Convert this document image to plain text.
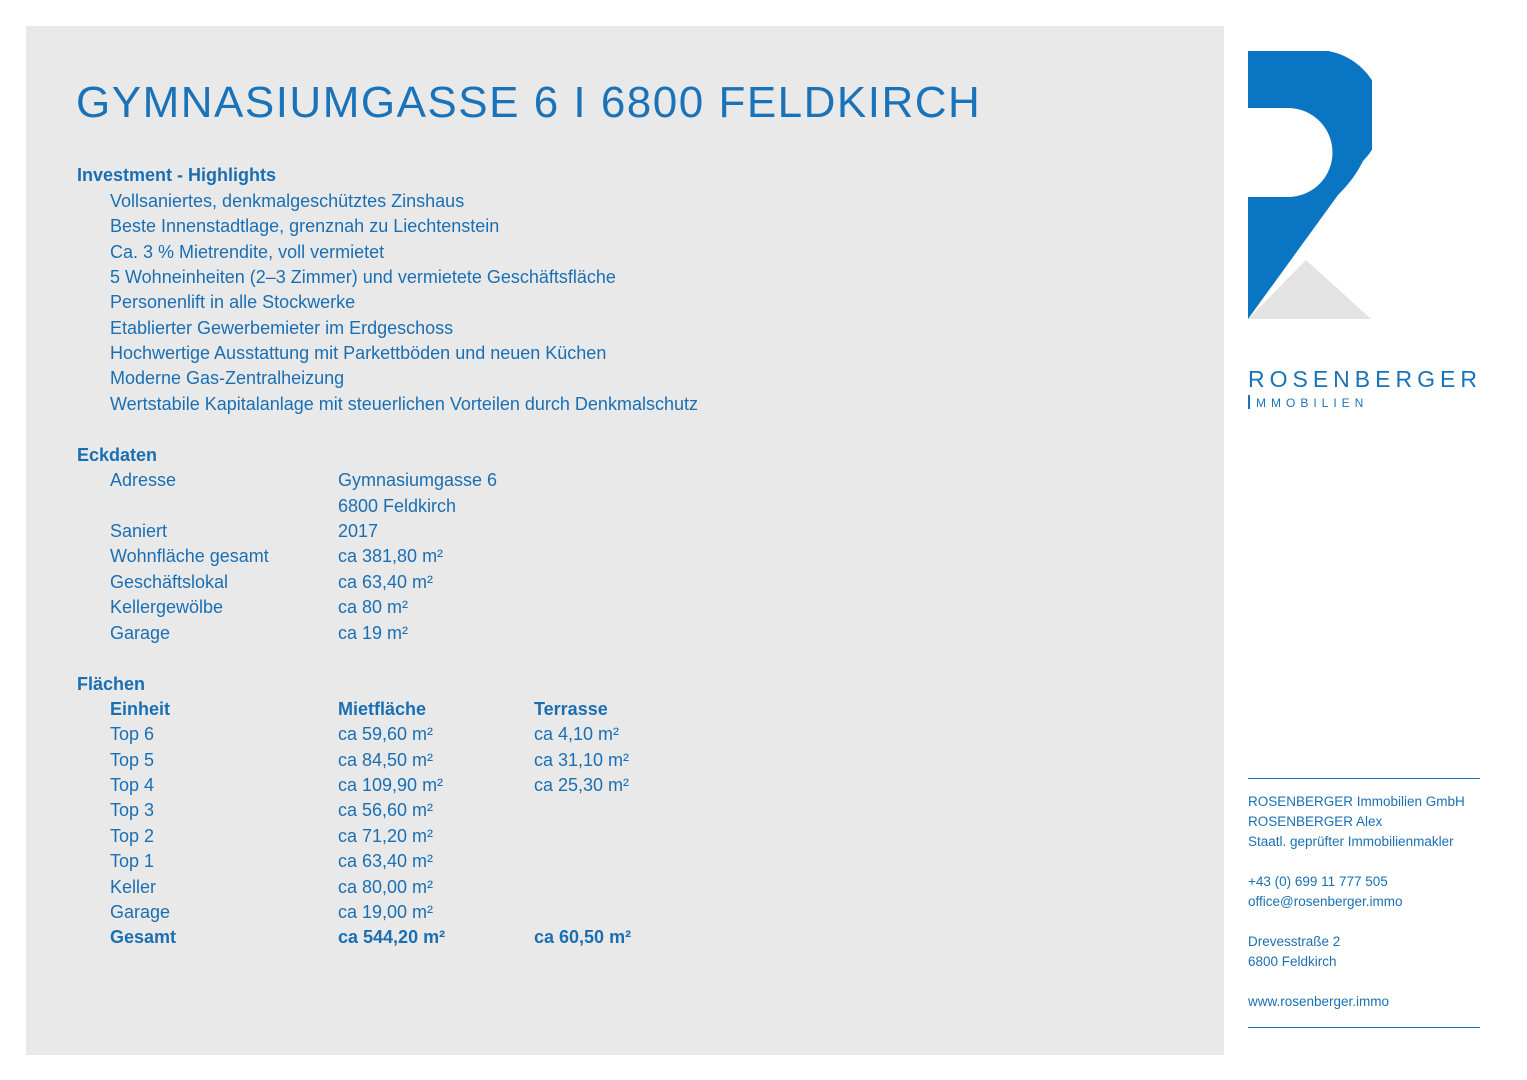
GYMNASIUMGASSE 6 I 6800 FELDKIRCH
Investment - Highlights
Vollsaniertes, denkmalgeschütztes Zinshaus
Beste Innenstadtlage, grenznah zu Liechtenstein
Ca. 3 % Mietrendite, voll vermietet
5 Wohneinheiten (2–3 Zimmer) und vermietete Geschäftsfläche
Personenlift in alle Stockwerke
Etablierter Gewerbemieter im Erdgeschoss
Hochwertige Ausstattung mit Parkettböden und neuen Küchen
Moderne Gas-Zentralheizung
Wertstabile Kapitalanlage mit steuerlichen Vorteilen durch Denkmalschutz
Eckdaten
Adresse	Gymnasiumgasse 6
6800 Feldkirch
Saniert	2017
Wohnfläche gesamt	ca 381,80 m²
Geschäftslokal	ca 63,40 m²
Kellergewölbe	ca 80 m²
Garage	ca 19 m²
Flächen
Einheit	Mietfläche	Terrasse
Top 6	ca 59,60 m²	ca 4,10 m²
Top 5	ca 84,50 m²	ca 31,10 m²
Top 4	ca 109,90 m²	ca 25,30 m²
Top 3	ca 56,60 m²
Top 2	ca 71,20 m²
Top 1	ca 63,40 m²
Keller	ca 80,00 m²
Garage	ca 19,00 m²
Gesamt	ca 544,20 m²	ca 60,50 m²
ROSENBERGER
MMOBILIEN
ROSENBERGER Immobilien GmbH
ROSENBERGER Alex
Staatl. geprüfter Immobilienmakler
+43 (0) 699 11 777 505
office@rosenberger.immo
Drevesstraße 2
6800 Feldkirch
www.rosenberger.immo
